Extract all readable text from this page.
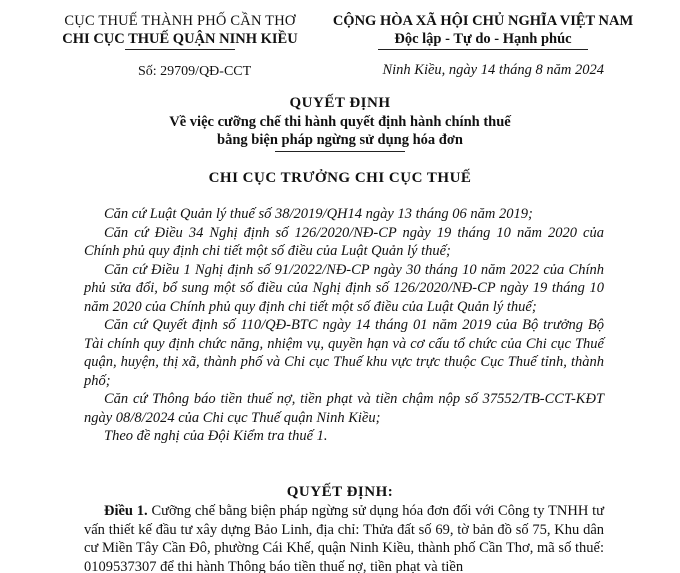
CỤC THUẾ THÀNH PHỐ CẦN THƠ
CHI CỤC THUẾ QUẬN NINH KIỀU
Số: 29709/QĐ-CCT
CỘNG HÒA XÃ HỘI CHỦ NGHĨA VIỆT NAM
Độc lập - Tự do - Hạnh phúc
Ninh Kiều, ngày 14 tháng 8 năm 2024
QUYẾT ĐỊNH
Về việc cưỡng chế thi hành quyết định hành chính thuế
bằng biện pháp ngừng sử dụng hóa đơn
CHI CỤC TRƯỞNG CHI CỤC THUẾ

Căn cứ Luật Quản lý thuế số 38/2019/QH14 ngày 13 tháng 06 năm 2019;

Căn cứ Điều 34 Nghị định số 126/2020/NĐ-CP ngày 19 tháng 10 năm 2020 của Chính phủ quy định chi tiết một số điều của Luật Quản lý thuế;

Căn cứ Điều 1 Nghị định số 91/2022/NĐ-CP ngày 30 tháng 10 năm 2022 của Chính phủ sửa đổi, bổ sung một số điều của Nghị định số 126/2020/NĐ-CP ngày 19 tháng 10 năm 2020 của Chính phủ quy định chi tiết một số điều của Luật Quản lý thuế;

Căn cứ Quyết định số 110/QĐ-BTC ngày 14 tháng 01 năm 2019 của Bộ trưởng Bộ Tài chính quy định chức năng, nhiệm vụ, quyền hạn và cơ cấu tổ chức của Chi cục Thuế quận, huyện, thị xã, thành phố và Chi cục Thuế khu vực trực thuộc Cục Thuế tỉnh, thành phố;

Căn cứ Thông báo tiền thuế nợ, tiền phạt và tiền chậm nộp số 37552/TB-CCT-KĐT ngày 08/8/2024 của Chi cục Thuế quận Ninh Kiều;

Theo đề nghị của Đội Kiểm tra thuế 1.

QUYẾT ĐỊNH:

Điều 1. Cưỡng chế bằng biện pháp ngừng sử dụng hóa đơn đối với Công ty TNHH tư vấn thiết kế đầu tư xây dựng Bảo Linh, địa chỉ: Thửa đất số 69, tờ bản đồ số 75, Khu dân cư Miền Tây Cần Đô, phường Cái Khế, quận Ninh Kiều, thành phố Cần Thơ, mã số thuế: 0109537307 để thi hành Thông báo tiền thuế nợ, tiền phạt và tiền
